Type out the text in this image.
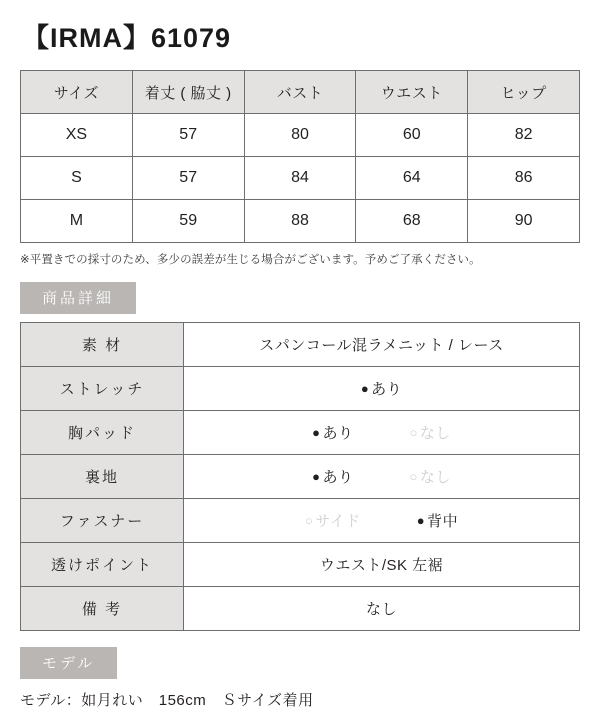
【IRMA】61079
サイズ	着丈 ( 脇丈 )	バスト	ウエスト	ヒップ
XS	57	80	60	82
S	57	84	64	86
M	59	88	68	90
※平置きでの採寸のため、多少の誤差が生じる場合がございます。予めご了承ください。
商品詳細
素 材	スパンコール混ラメニット / レース
ストレッチ	● あり
胸パッド	● あり ○ なし

裏地	● あり ○ なし

ファスナー	○ サイド ● 背中

透けポイント	ウエスト/SK 左裾
備 考	なし
モデル
モデル：如月れい　156cm　Ｓサイズ着用
